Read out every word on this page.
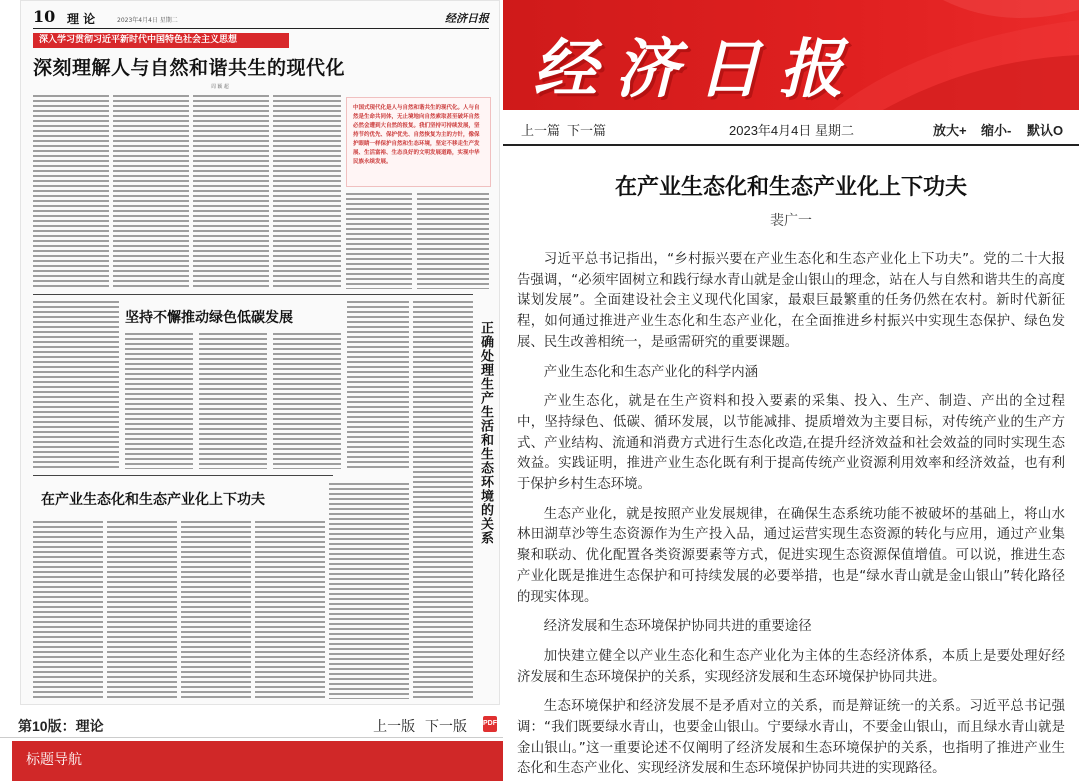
10 理 论	2023年4月4日 星期二	经济日报
深入学习贯彻习近平新时代中国特色社会主义思想
深刻理解人与自然和谐共生的现代化
周 颖 超

中国式现代化是人与自然和谐共生的现代化。人与自然是生命共同体，无止境地向自然索取甚至破坏自然必然会遭到大自然的报复。我们坚持可持续发展，坚持节约优先、保护优先、自然恢复为主的方针，像保护眼睛一样保护自然和生态环境，坚定不移走生产发展、生活富裕、生态良好的文明发展道路，实现中华民族永续发展。

坚持不懈推动绿色低碳发展
正确处理生产生活和生态环境的关系
在产业生态化和生态产业化上下功夫
第10版：理论	上一版 下一版 PDF
标题导航
经济日报
上一篇 下一篇	2023年4月4日 星期二	放大+ 缩小- 默认O
在产业生态化和生态产业化上下功夫
裴广一

习近平总书记指出，“乡村振兴要在产业生态化和生态产业化上下功夫”。党的二十大报告强调，“必须牢固树立和践行绿水青山就是金山银山的理念，站在人与自然和谐共生的高度谋划发展”。全面建设社会主义现代化国家，最艰巨最繁重的任务仍然在农村。新时代新征程，如何通过推进产业生态化和生态产业化，在全面推进乡村振兴中实现生态保护、绿色发展、民生改善相统一，是亟需研究的重要课题。

产业生态化和生态产业化的科学内涵

产业生态化，就是在生产资料和投入要素的采集、投入、生产、制造、产出的全过程中，坚持绿色、低碳、循环发展，以节能减排、提质增效为主要目标，对传统产业的生产方式、产业结构、流通和消费方式进行生态化改造,在提升经济效益和社会效益的同时实现生态效益。实践证明，推进产业生态化既有利于提高传统产业资源利用效率和经济效益，也有利于保护乡村生态环境。

生态产业化，就是按照产业发展规律，在确保生态系统功能不被破坏的基础上，将山水林田湖草沙等生态资源作为生产投入品，通过运营实现生态资源的转化与应用，通过产业集聚和联动、优化配置各类资源要素等方式，促进实现生态资源保值增值。可以说，推进生态产业化既是推进生态保护和可持续发展的必要举措，也是“绿水青山就是金山银山”转化路径的现实体现。

经济发展和生态环境保护协同共进的重要途径

加快建立健全以产业生态化和生态产业化为主体的生态经济体系，本质上是要处理好经济发展和生态环境保护的关系，实现经济发展和生态环境保护协同共进。

生态环境保护和经济发展不是矛盾对立的关系，而是辩证统一的关系。习近平总书记强调：“我们既要绿水青山，也要金山银山。宁要绿水青山，不要金山银山，而且绿水青山就是金山银山。”这一重要论述不仅阐明了经济发展和生态环境保护的关系，也指明了推进产业生态化和生态产业化、实现经济发展和生态环境保护协同共进的实现路径。
